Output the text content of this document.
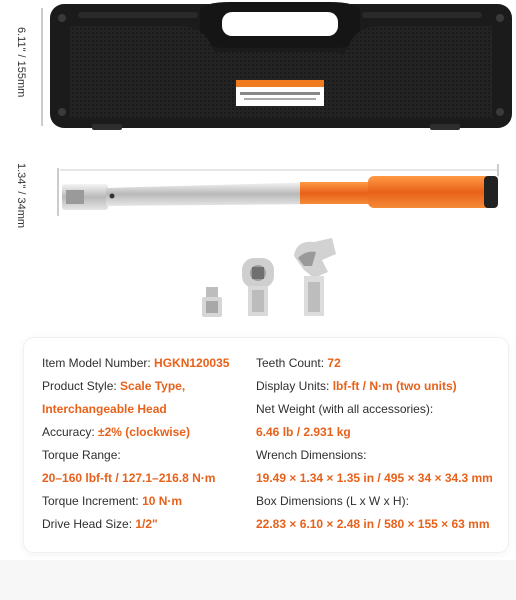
6.11" / 155mm
1.34" / 34mm
Item Model Number: HGKN120035
Product Style: Scale Type,
Interchangeable Head
Accuracy: ±2% (clockwise)
Torque Range:
20–160 lbf-ft / 127.1–216.8 N·m
Torque Increment: 10 N·m
Drive Head Size: 1/2"
Teeth Count: 72
Display Units: lbf-ft / N·m (two units)
Net Weight (with all accessories):
6.46 lb / 2.931 kg
Wrench Dimensions:
19.49 × 1.34 × 1.35 in / 495 × 34 × 34.3 mm
Box Dimensions (L x W x H):
22.83 × 6.10 × 2.48 in / 580 × 155 × 63 mm
